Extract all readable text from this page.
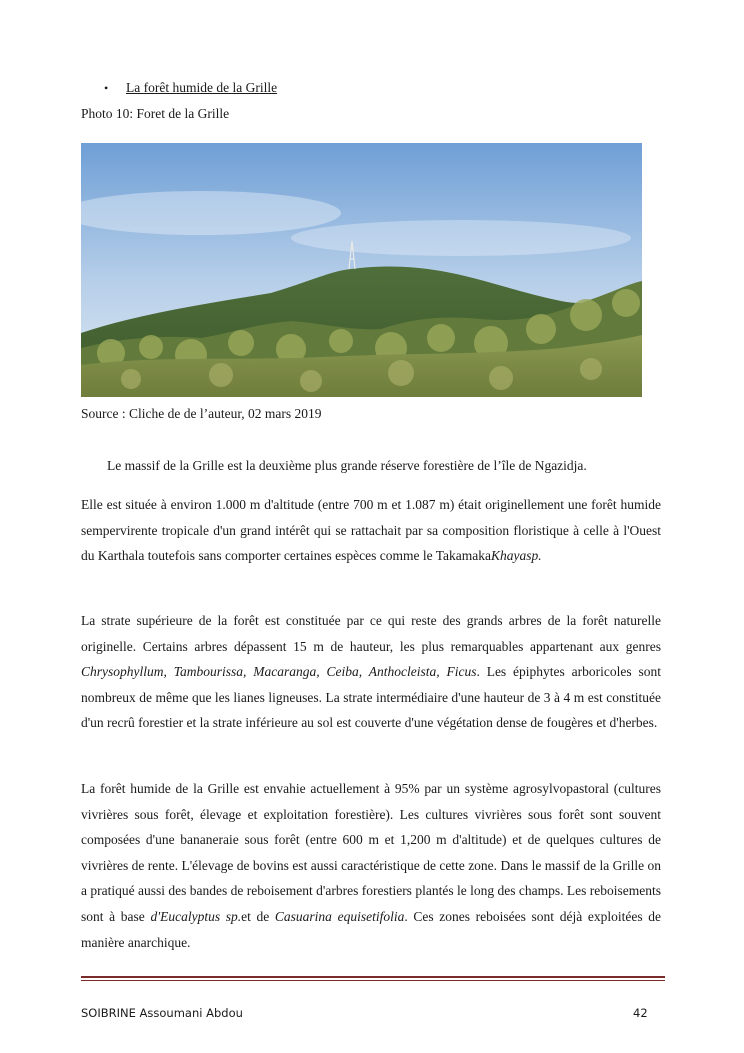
• La forêt humide de la Grille
Photo 10: Foret de la Grille
Source : Cliche de de l’auteur, 02 mars 2019

Le massif de la Grille est la deuxième plus grande réserve forestière de l’île de Ngazidja.

Elle est située à environ 1.000 m d'altitude (entre 700 m et 1.087 m) était originellement une forêt humide sempervirente tropicale d'un grand intérêt qui se rattachait par sa composition floristique à celle à l'Ouest du Karthala toutefois sans comporter certaines espèces comme le TakamakaKhayasp.

La strate supérieure de la forêt est constituée par ce qui reste des grands arbres de la forêt naturelle originelle. Certains arbres dépassent 15 m de hauteur, les plus remarquables appartenant aux genres Chrysophyllum, Tambourissa, Macaranga, Ceiba, Anthocleista, Ficus. Les épiphytes arboricoles sont nombreux de même que les lianes ligneuses. La strate intermédiaire d'une hauteur de 3 à 4 m est constituée d'un recrû forestier et la strate inférieure au sol est couverte d'une végétation dense de fougères et d'herbes.

La forêt humide de la Grille est envahie actuellement à 95% par un système agrosylvopastoral (cultures vivrières sous forêt, élevage et exploitation forestière). Les cultures vivrières sous forêt sont souvent composées d'une bananeraie sous forêt (entre 600 m et 1,200 m d'altitude) et de quelques cultures de vivrières de rente. L'élevage de bovins est aussi caractéristique de cette zone. Dans le massif de la Grille on a pratiqué aussi des bandes de reboisement d'arbres forestiers plantés le long des champs. Les reboisements sont à base d'Eucalyptus sp.et de Casuarina equisetifolia. Ces zones reboisées sont déjà exploitées de manière anarchique.

SOIBRINE Assoumani Abdou	42
